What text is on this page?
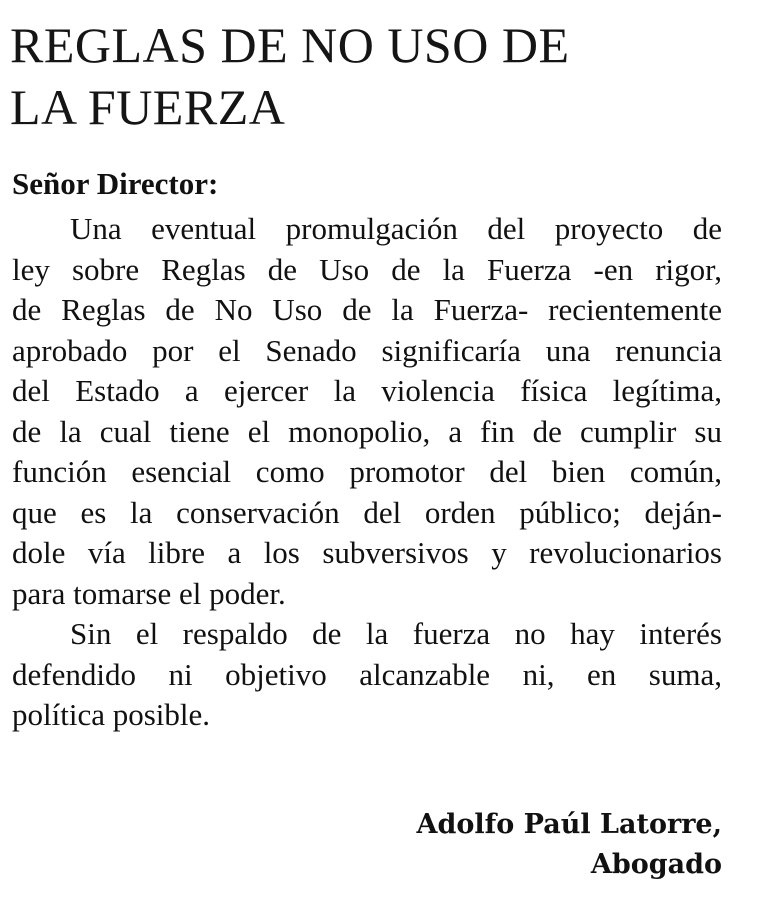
REGLAS DE NO USO DE
LA FUERZA

Señor Director:

Una eventual promulgación del proyecto de
ley sobre Reglas de Uso de la Fuerza -en rigor,
de Reglas de No Uso de la Fuerza- recientemente
aprobado por el Senado significaría una renuncia
del Estado a ejercer la violencia física legítima,
de la cual tiene el monopolio, a fin de cumplir su
función esencial como promotor del bien común,
que es la conservación del orden público; deján-
dole vía libre a los subversivos y revolucionarios
para tomarse el poder.
Sin el respaldo de la fuerza no hay interés
defendido ni objetivo alcanzable ni, en suma,
política posible.
Adolfo Paúl Latorre,
Abogado
